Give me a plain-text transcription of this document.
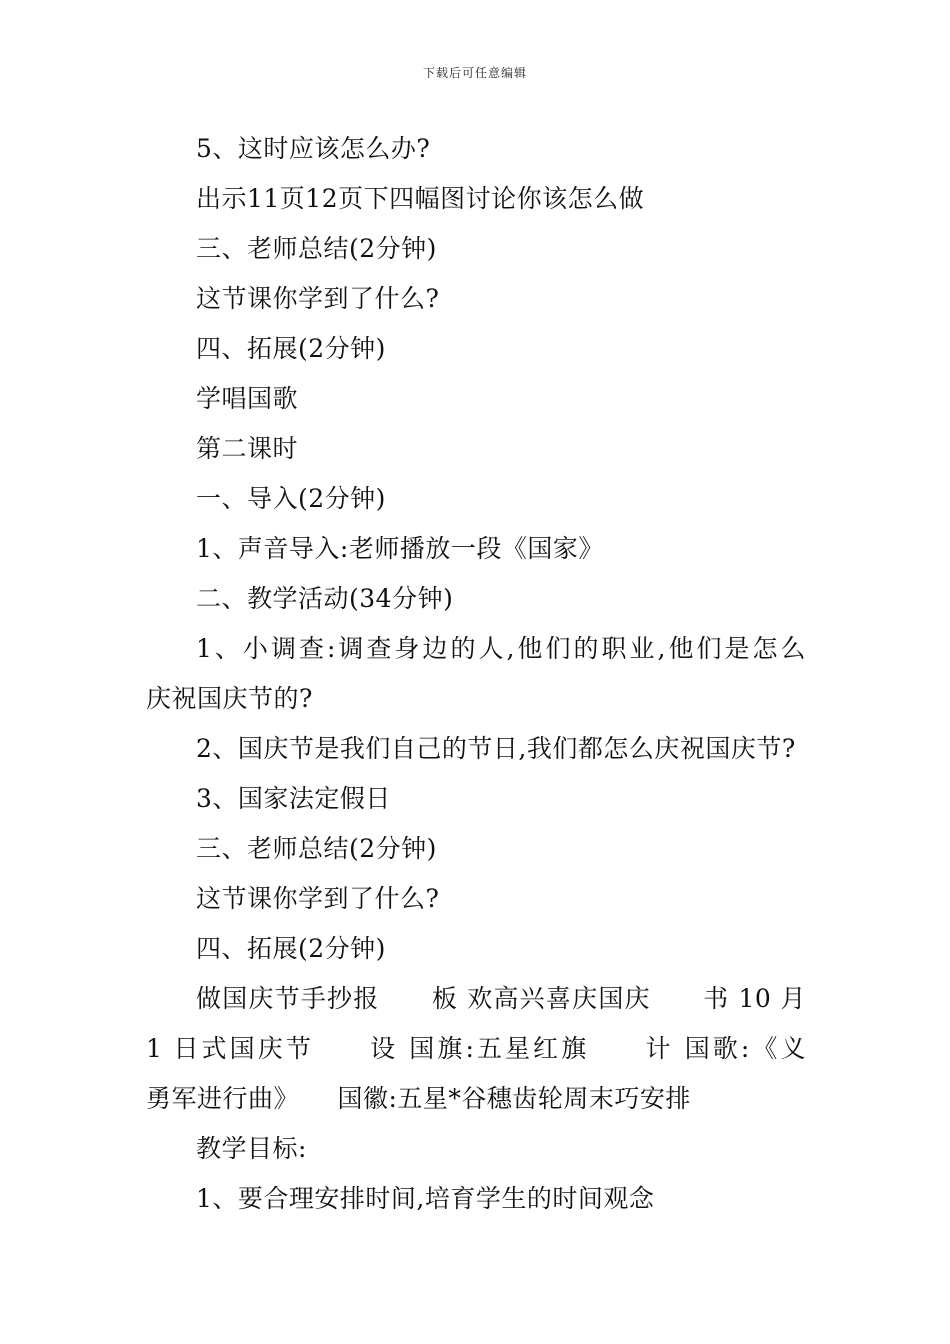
下载后可任意编辑
5、这时应该怎么办?
出示11页12页下四幅图讨论你该怎么做
三、老师总结(2分钟)
这节课你学到了什么?
四、拓展(2分钟)
学唱国歌
第二课时
一、导入(2分钟)
1、声音导入:老师播放一段《国家》
二、教学活动(34分钟)
1、小调查:调查身边的人,他们的职业,他们是怎么
庆祝国庆节的?
2、国庆节是我们自己的节日,我们都怎么庆祝国庆节?
3、国家法定假日
三、老师总结(2分钟)
这节课你学到了什么?
四、拓展(2分钟)
做国庆节手抄报　　板 欢高兴喜庆国庆　　书 10 月
1 日式国庆节　　设 国旗:五星红旗　　计 国歌:《义
勇军进行曲》　　国徽:五星*谷穗齿轮周末巧安排
教学目标:
1、要合理安排时间,培育学生的时间观念
